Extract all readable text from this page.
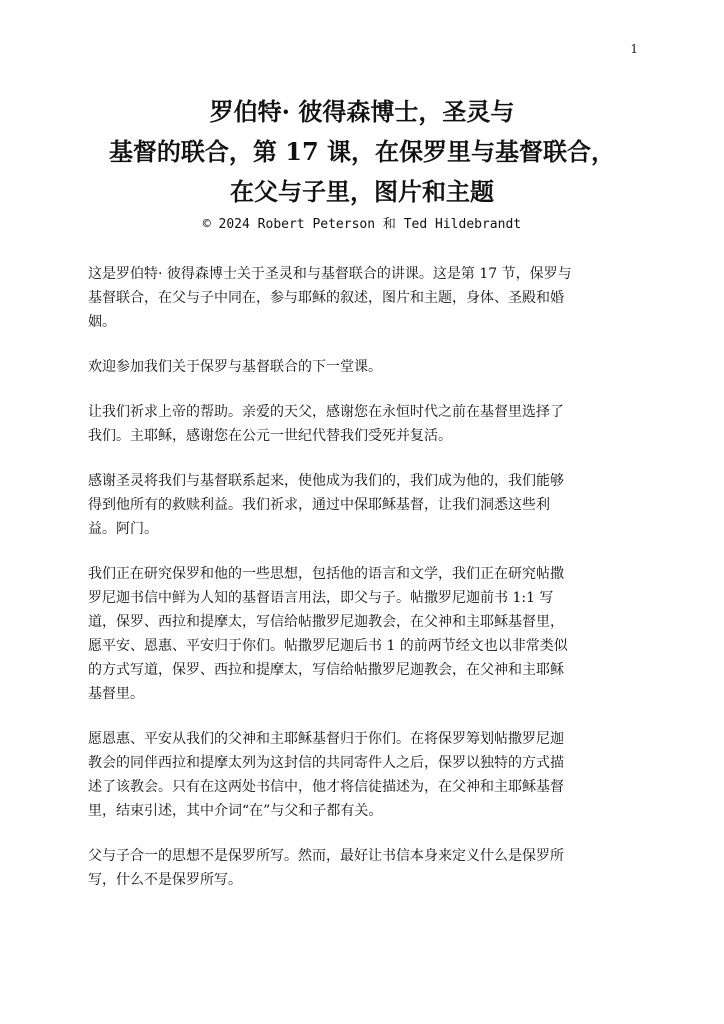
1
罗伯特· 彼得森博士，圣灵与
基督的联合，第 17 课，在保罗里与基督联合，
在父与子里，图片和主题
© 2024 Robert Peterson 和 Ted Hildebrandt

这是罗伯特· 彼得森博士关于圣灵和与基督联合的讲课。这是第 17 节，保罗与
基督联合，在父与子中同在，参与耶稣的叙述，图片和主题，身体、圣殿和婚
姻。

欢迎参加我们关于保罗与基督联合的下一堂课。

让我们祈求上帝的帮助。亲爱的天父，感谢您在永恒时代之前在基督里选择了
我们。主耶稣，感谢您在公元一世纪代替我们受死并复活。

感谢圣灵将我们与基督联系起来，使他成为我们的，我们成为他的，我们能够
得到他所有的救赎利益。我们祈求，通过中保耶稣基督，让我们洞悉这些利
益。阿门。

我们正在研究保罗和他的一些思想，包括他的语言和文学，我们正在研究帖撒
罗尼迦书信中鲜为人知的基督语言用法，即父与子。帖撒罗尼迦前书 1:1 写
道，保罗、西拉和提摩太，写信给帖撒罗尼迦教会，在父神和主耶稣基督里，
愿平安、恩惠、平安归于你们。帖撒罗尼迦后书 1 的前两节经文也以非常类似
的方式写道，保罗、西拉和提摩太，写信给帖撒罗尼迦教会，在父神和主耶稣
基督里。

愿恩惠、平安从我们的父神和主耶稣基督归于你们。在将保罗筹划帖撒罗尼迦
教会的同伴西拉和提摩太列为这封信的共同寄件人之后，保罗以独特的方式描
述了该教会。只有在这两处书信中，他才将信徒描述为，在父神和主耶稣基督
里，结束引述，其中介词“在”与父和子都有关。

父与子合一的思想不是保罗所写。然而，最好让书信本身来定义什么是保罗所
写，什么不是保罗所写。
